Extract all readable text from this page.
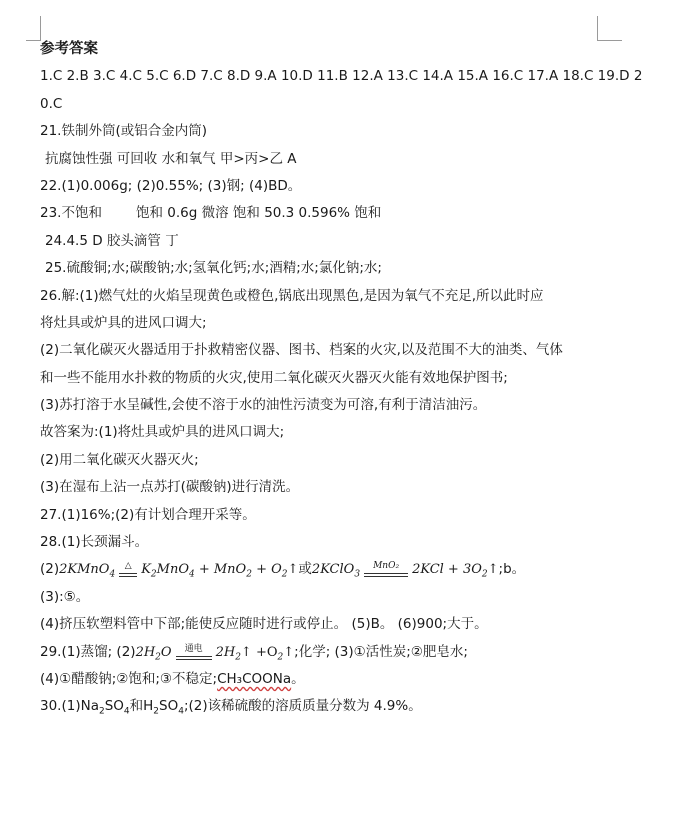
参考答案
1.C 2.B 3.C 4.C 5.C 6.D 7.C 8.D 9.A 10.D 11.B 12.A 13.C 14.A 15.A 16.C 17.A 18.C 19.D 2
0.C
21.铁制外筒(或铝合金内筒)
抗腐蚀性强 可回收 水和氧气 甲>丙>乙 A
22.(1)0.006g; (2)0.55%; (3)钢; (4)BD。
23.不饱和	饱和 0.6g 微溶 饱和 50.3 0.596% 饱和
24.4.5 D 胶头滴管 丁
25.硫酸铜;水;碳酸钠;水;氢氧化钙;水;酒精;水;氯化钠;水;
26.解:(1)燃气灶的火焰呈现黄色或橙色,锅底出现黑色,是因为氧气不充足,所以此时应
将灶具或炉具的进风口调大;
(2)二氧化碳灭火器适用于扑救精密仪器、图书、档案的火灾,以及范围不大的油类、气体
和一些不能用水扑救的物质的火灾,使用二氧化碳灭火器灭火能有效地保护图书;
(3)苏打溶于水呈碱性,会使不溶于水的油性污渍变为可溶,有利于清洁油污。
故答案为:(1)将灶具或炉具的进风口调大;
(2)用二氧化碳灭火器灭火;
(3)在湿布上沾一点苏打(碳酸钠)进行清洗。
27.(1)16%;(2)有计划合理开采等。
28.(1)长颈漏斗。
(2)2KMnO$_4$
△ $K_2MnO_4 + MnO_2$ + $O_2↑$或2KClO$_3$
MnO₂	$2KCl + 3O_2↑;b$。
(3):⑤。
(4)挤压软塑料管中下部;能使反应随时进行或停止。 (5)B。 (6)900;大于。
29.(1)蒸馏; $(2)2H_2O$	通电	$2H_2↑$ $+O_2↑$;化学; (3)①活性炭;②肥皂水;
(4)①醋酸钠;②饱和;③不稳定;CH₃COONa。
$30.(1)Na_2SO_4$和$H_2SO_4;(2)$该稀硫酸的溶质质量分数为 4.9%。
